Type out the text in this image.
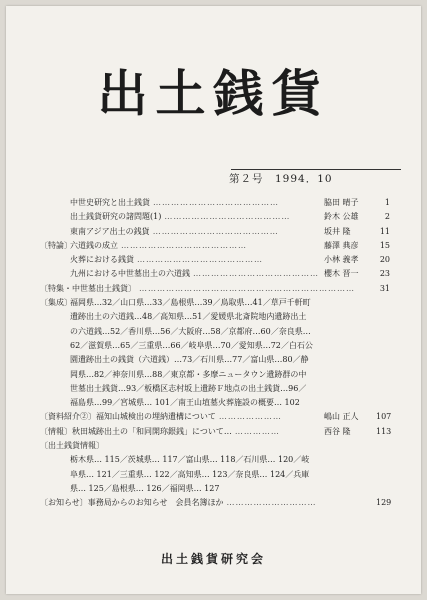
出土銭貨
第２号　1994．10
中世史研究と出土銭貨 ……………………………………	脇田 晴子	1
出土銭貨研究の諸問題(1) ……………………………………	鈴木 公雄	2
東南アジア出土の銭貨 ……………………………………	坂井 隆	11
〔特論〕
六道銭の成立 ……………………………………	藤澤 典彦	15
火葬における銭貨 ……………………………………	小林 義孝	20
九州における中世墓出土の六道銭 …………………………………… 櫻木 晋一	23
〔特集・中世墓出土銭貨〕 ………………………………………………………………	31
〔集成〕福岡県…32／山口県…33／島根県…39／鳥取県…41／草戸千軒町
遺跡出土の六道銭…48／高知県…51／愛媛県北斎院地内遺跡出土
の六道銭…52／香川県…56／大阪府…58／京都府…60／奈良県…
62／滋賀県…65／三重県…66／岐阜県…70／愛知県…72／白石公
園遺跡出土の銭貨（六道銭）…73／石川県…77／富山県…80／静
岡県…82／神奈川県…88／東京都・多摩ニュータウン遺跡群の中
世墓出土銭貨…93／板橋区志村坂上遺跡Ｆ地点の出土銭貨…96／
福島県…99／宮城県… 101／南王山埴墓火葬施設の概要… 102
〔資料紹介②〕 福知山城検出の埋納遺構について …………………	嶋山 正人	107
〔情報〕 秋田城跡出土の「和同開珎銀銭」について… ……………	西谷 隆	113
〔出土銭貨情報〕
栃木県… 115／茨城県… 117／富山県… 118／石川県… 120／岐
阜県… 121／三重県… 122／高知県… 123／奈良県… 124／兵庫
県… 125／島根県… 126／福岡県… 127
〔お知らせ〕 事務局からのお知らせ　会員名簿ほか …………………………	129
出土銭貨研究会
